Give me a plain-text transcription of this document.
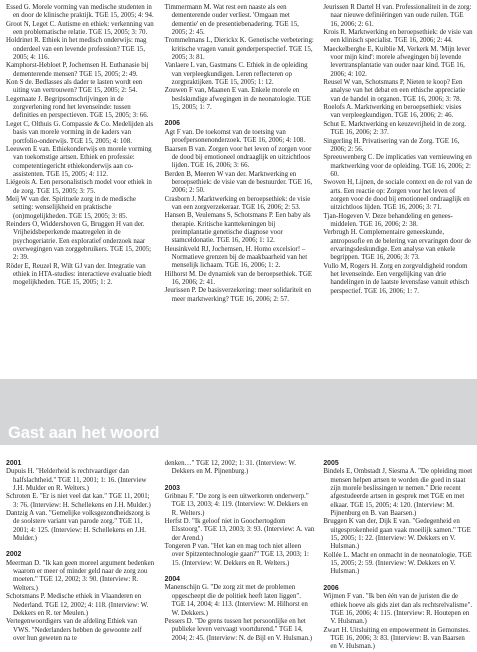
Essed G. Morele vorming van medische studenten in en door de klinische praktijk. TGE 15, 2005; 4: 94.

Groot N, Leget C. Autisme en ethiek: verkenning van een problematische relatie. TGE 15, 2005; 3: 70.

Holdrinet R. Ethiek in het medisch onderwijs: mag onderdeel van een levende profession? TGE 15, 2005; 4: 116.

Kamphorst-Hebloet P, Jochemsen H. Euthanasie bij dementerende mensen? TGE 15, 2005; 2: 49.

Kon S de. Bedlasses als dader te lasten wordt een uiting van vertrouwen? TGE 15, 2005; 2: 54.

Legemaate J. Begripsomschrijvingen in de zorgverlening rond het levenseinde: tussen definities en perspectieven. TGE 15, 2005; 3: 66.

Leget C, Olthuis G. Compassie & Co. Medelijden als basis van morele vorming in de kaders van portfolio-onderwijs. TGE 15, 2005; 4: 108.

Leeuwen E van. Ethiekonderwijs en morele vorming van toekomstige artsen. Ethiek en professie: competentiegericht ethiekonderwijs aan co-assistenten. TGE 15, 2005; 4: 112.

Liégeois A. Een personalistisch model voor ethiek in de zorg. TGE 15, 2005; 3: 75.

Meij W van der. Spirituele zorg in de medische setting: wenselijkheid en praktische (on)mogelijkheden. TGE 15, 2005; 3: 85.

Reinders O, Widdershoven G, Bruggen H van der. Vrijheidsbeperkende maatregelen in de psychogeriatrie. Een exploratief onderzoek naar overwegingen van zorggebruikers. TGE 15, 2005; 2: 39.

Röder E, Reuzel R, Wilt GJ van der. Integratie van ethiek in HTA-studies: interactieve evaluatie biedt mogelijkheden. TGE 15, 2005; 1: 2.

Timmermann M. Wat rest een naaste als een dementerende ouder verliest. 'Omgaan met dementie' en de presentiebenadering. TGE 15, 2005; 2: 45.

Trommelmans L, Dierickx K. Genetische verbetering: kritische vragen vanuit genderperspectief. TGE 15, 2005; 3: 81.

Vanlaere L van, Gastmans C. Ethiek in de opleiding van verpleegkundigen. Leren reflecteren op zorgpraktijken. TGE 15, 2005; 1: 12.

Zouwen F van, Maanen E van. Enkele morele en beslskundige afwegingen in de neonatologie. TGE 15, 2005; 1: 7.

2006

Agt F van. De toekomst van de toetsing van proefpersonenonderzoek. TGE 16, 2006; 4: 108.

Baarsen B van. Zorgen voor het leven of zorgen voor de dood bij emotioneel ondraaglijk en uitzichtloos lijden. TGE 16, 2006; 3: 66.

Berden B, Meeren W van der. Marktwerking en beroepsethiek: de visie van de bestuurder. TGE 16, 2006; 2: 50.

Crasborn J. Marktwerking en beroepsethiek: de visie van een zorgverzekeraar. TGE 16, 2006; 2: 53.

Hansen B, Veulemans S, Schotsmans P. Een baby als therapie. Kritische kanttekeningen bij preimplantatie genetische diagnose voor stamceldonatie. TGE 16, 2006; 1: 12.

Heusinkveld RJ, Jochemsen, H. Homo excelsior! – Normatieve grenzen bij de maakbaarheid van het menselijk lichaam. TGE 16, 2006; 1: 2.

Hilhorst M. De dynamiek van de beroepsethiek. TGE 16, 2006; 2: 41.

Jeurissen P. De basisverzekering: meer solidariteit en meer marktwerking? TGE 16, 2006; 2: 57.

Jeurissen R Dartel H van. Professionaliteit in de zorg: naar nieuwe definiëringen van oude ruilen. TGE 16, 2006; 2: 61.

Krois R. Marktwerking en beroepsethiek: de visie van een klinisch specialist. TGE 16, 2006; 2: 44.

Maeckelberghe E, Kuiblie M, Verkerk M. 'Mijn lever voor mijn kind': morele afwegingen bij levende levertransplantatie van ouder naar kind. TGE 16, 2006; 4: 102.

Reusel W van, Schotsmans P, Nieten te koop? Een analyse van het debat en een ethische appreciatie van de handel in organen. TGE 16, 2006; 3: 78.

Roelofs A. Marktwerking en beroepsethiek: visies van verpleegkundigen. TGE 16, 2006; 2: 46.

Schut E. Marktwerking en keuzevrijheid in de zorg. TGE 16, 2006; 2: 37.

Singerling H. Privatisering van de Zorg. TGE 16, 2006; 2: 56.

Spreeuwenberg C. De implicaties van vernieuwing en marktwerking voor de opleiding. TGE 16, 2006; 2: 60.

Swoven H, Lijnen, de sociale context en de rol van de arts. Een reactie op: Zorgen voor het leven of zorgen voor de dood bij emotioneel ondraaglijk en uitzichtloos lijden. TGE 16, 2006; 3: 71.

Tjan-Hogeven V. Deze behandeling en genees-middelen. TGE 16, 2006; 2: 38.

Verbrugh H. Complementaire geneeskunde, antroposofie en de belering van ervaringen door de ervaringsdeskundige. Een analyse van enkele begrippen. TGE 16, 2006; 3: 73.

Vullo M, Rogers H. Zorg en zorgvuldigheid rondom het levenseinde. Een vergelijking van drie handelingen in de laatste levensfase vanuit ethisch perspectief. TGE 16, 2006; 1: 7.

Gast aan het woord

2001

Dupuis H. "Helderheid is rechtvaardiger dan halfslachtheid." TGE 11, 2001; 1: 16. (Interview J.H. Mulder en R. Welters.)

Schroten E. "Er is niet veel dat kan." TGE 11, 2001; 3: 76. (Interview: H. Schellekens en J.H. Mulder.)

Dantzig A van. "Gemelijke volksgezondheidszorg is de soolstere variant van parode zorg." TGE 11, 2001; 4: 125. (Interview: H. Schellekens en J.H. Mulder.)

2002

Meerman D. "Ik kan geen moreel argument bedenken waarom er meer of minder geld naar de zorg zou moeten." TGE 12, 2002; 3: 90. (Interview: R. Welters.)

Schotsmans P. Medische ethiek in Vlaanderen en Nederland. TGE 12, 2002; 4: 118. (Interview: W. Dekkers en R. ter Meulen.)

Vertegenwoordigers van de afdeling Ethiek van VWS. "Nederlanders hebben de gewoonte zelf over hun geweten na te

denken…" TGE 12, 2002; 1: 31. (Interview: W. Dekkers en M. Pijnenburg.)

2003

Gribnau F. "De zorg is een uitwerkoren onderwerp." TGE 13, 2003; 4: 119. (Interview: W. Dekkers en R. Welters.)

Herfst D. "Ik geloof niet in Goochertogdom Elsstoorg". TGE 13, 2003; 3: 93. (Interview: A. van der Arend.)

Tongeren P van. "Het kan en mag toch niet alleen over Spitzentechnologie gaan?" TGE 13, 2003; 1: 15. (Interview: W. Dekkers en R. Welters.)

2004

Manenschijn G. "De zorg zit met de problemen opgescheept die de politiek heeft laten liggen". TGE 14, 2004; 4: 113. (Interview: M. Hilhorst en W. Dekkers.)

Pessers D. "De grens tussen het persoonlijke en het publieke leven vervaagt voortdurend." TGE 14, 2004; 2: 45. (Interview: N. de Bijl en V. Hulsman.)

2005

Bindels E, Ombstadt J, Siesma A. "De opleiding moet mensen helpen artsen te worden die goed in staat zijn morele beslissingen te nemen." Drie recent afgestudeerde artsen in gesprek met TGE en met elkaar. TGE 15, 2005; 4: 120. (Interview: M. Pijnenburg en B. van Baarsen.)

Bruggen K van der, Dijk E van. "Gedegenheid en uitgesprokenheid gaan vaak moeilijk samen." TGE 15, 2005; 1: 22. (Interview: W. Dekkers en V. Hulsman.)

Kollée L. Macht en onmacht in de neonatologie. TGE 15, 2005; 2: 59. (Interview: W. Dekkers en V. Hulsman.)

2006

Wijmen F van. "Ik ben één van de juristen die de ethiek hoeve als gids ziet dan als rechtsrelvalisme". TGE 16, 2006; 4: 115. (Interview: R. Houtepen en V. Hulsman.)

Zwart H. Uitsluiting en empowerment in Gemonstes. TGE 16, 2006; 3: 83. (Interview: B. van Baarsen en V. Hulsman.)
